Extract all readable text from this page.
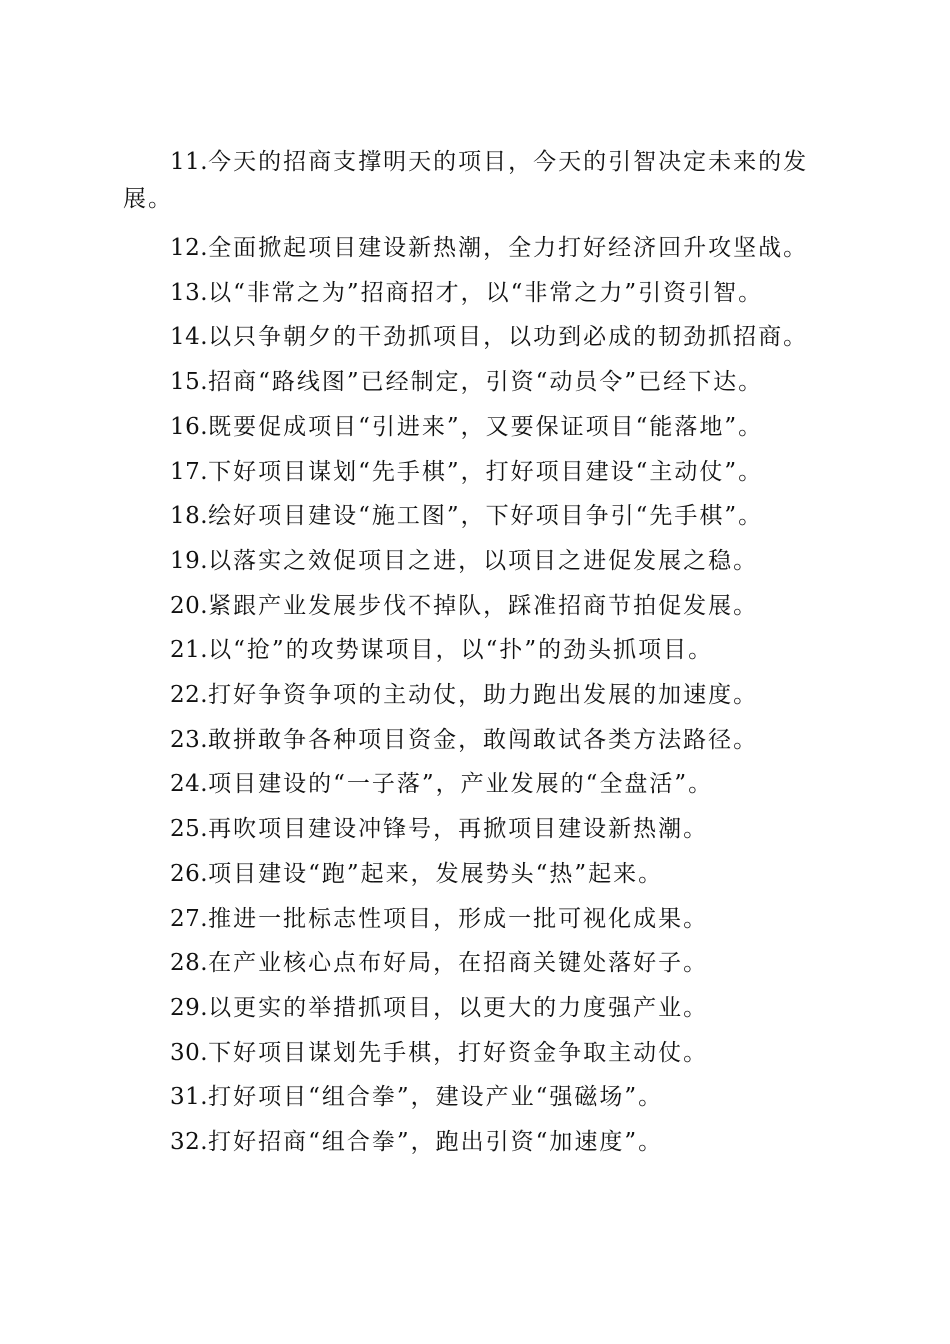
11.今天的招商支撑明天的项目，今天的引智决定未来的发展。

12.全面掀起项目建设新热潮，全力打好经济回升攻坚战。

13.以“非常之为”招商招才，以“非常之力”引资引智。

14.以只争朝夕的干劲抓项目，以功到必成的韧劲抓招商。

15.招商“路线图”已经制定，引资“动员令”已经下达。

16.既要促成项目“引进来”，又要保证项目“能落地”。

17.下好项目谋划“先手棋”，打好项目建设“主动仗”。

18.绘好项目建设“施工图”，下好项目争引“先手棋”。

19.以落实之效促项目之进，以项目之进促发展之稳。

20.紧跟产业发展步伐不掉队，踩准招商节拍促发展。

21.以“抢”的攻势谋项目，以“扑”的劲头抓项目。

22.打好争资争项的主动仗，助力跑出发展的加速度。

23.敢拼敢争各种项目资金，敢闯敢试各类方法路径。

24.项目建设的“一子落”，产业发展的“全盘活”。

25.再吹项目建设冲锋号，再掀项目建设新热潮。

26.项目建设“跑”起来，发展势头“热”起来。

27.推进一批标志性项目，形成一批可视化成果。

28.在产业核心点布好局，在招商关键处落好子。

29.以更实的举措抓项目，以更大的力度强产业。

30.下好项目谋划先手棋，打好资金争取主动仗。

31.打好项目“组合拳”，建设产业“强磁场”。

32.打好招商“组合拳”，跑出引资“加速度”。
